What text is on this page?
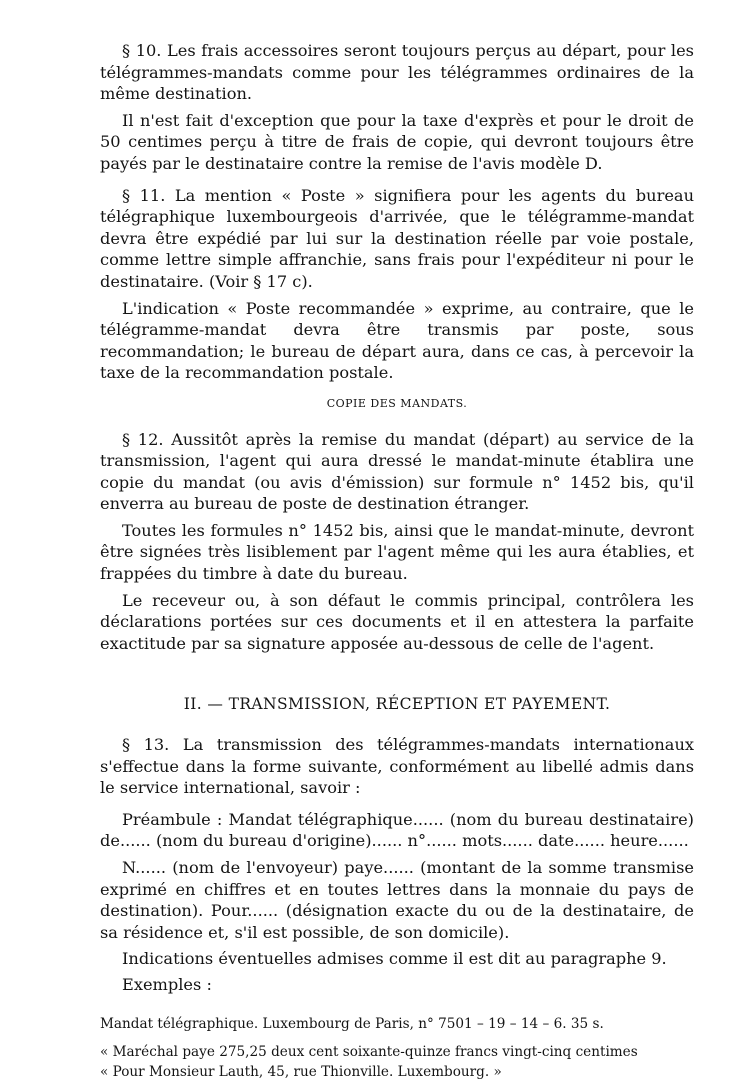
§ 10. Les frais accessoires seront toujours perçus au départ, pour les télégrammes-mandats comme pour les télégrammes ordinaires de la même destination.

Il n'est fait d'exception que pour la taxe d'exprès et pour le droit de 50 centimes perçu à titre de frais de copie, qui devront toujours être payés par le destinataire contre la remise de l'avis modèle D.

§ 11. La mention « Poste » signifiera pour les agents du bureau télégraphique luxembourgeois d'arrivée, que le télégramme-mandat devra être expédié par lui sur la destination réelle par voie postale, comme lettre simple affranchie, sans frais pour l'expéditeur ni pour le destinataire. (Voir § 17 c).

L'indication « Poste recommandée » exprime, au contraire, que le télégramme-mandat devra être transmis par poste, sous recommandation; le bureau de départ aura, dans ce cas, à percevoir la taxe de la recommandation postale.

COPIE DES MANDATS.

§ 12. Aussitôt après la remise du mandat (départ) au service de la transmission, l'agent qui aura dressé le mandat-minute établira une copie du mandat (ou avis d'émission) sur formule n° 1452 bis, qu'il enverra au bureau de poste de destination étranger.

Toutes les formules n° 1452 bis, ainsi que le mandat-minute, devront être signées très lisiblement par l'agent même qui les aura établies, et frappées du timbre à date du bureau.

Le receveur ou, à son défaut le commis principal, contrôlera les déclarations portées sur ces documents et il en attestera la parfaite exactitude par sa signature apposée au-dessous de celle de l'agent.

II. — TRANSMISSION, RÉCEPTION ET PAYEMENT.

§ 13. La transmission des télégrammes-mandats internationaux s'effectue dans la forme suivante, conformément au libellé admis dans le service international, savoir :

Préambule : Mandat télégraphique...... (nom du bureau destinataire) de...... (nom du bureau d'origine)...... n°...... mots...... date...... heure......

N...... (nom de l'envoyeur) paye...... (montant de la somme transmise exprimé en chiffres et en toutes lettres dans la monnaie du pays de destination). Pour...... (désignation exacte du ou de la destinataire, de sa résidence et, s'il est possible, de son domicile).

Indications éventuelles admises comme il est dit au paragraphe 9.

Exemples :

Mandat télégraphique. Luxembourg de Paris, n° 7501 – 19 – 14 – 6. 35 s.

« Maréchal paye 275,25 deux cent soixante-quinze francs vingt-cinq centimes

« Pour Monsieur Lauth, 45, rue Thionville. Luxembourg. »
